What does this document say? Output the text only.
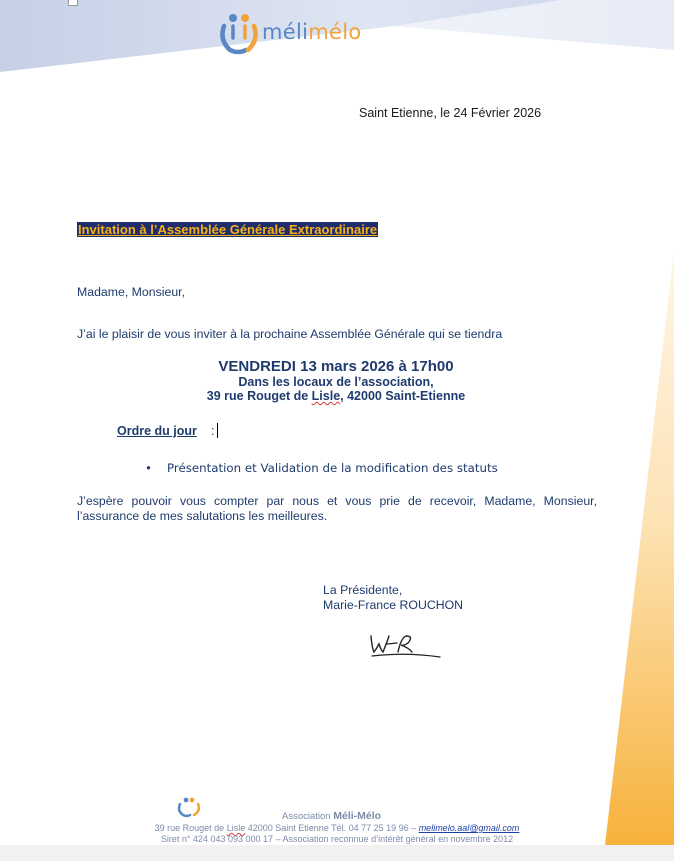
mélimélo
Saint Etienne, le 24 Février 2026
Invitation à l’Assemblée Générale Extraordinaire
Madame, Monsieur,
J’ai le plaisir de vous inviter à la prochaine Assemblée Générale qui se tiendra
VENDREDI 13 mars 2026 à 17h00
Dans les locaux de l’association,
39 rue Rouget de Lisle, 42000 Saint-Etienne
Ordre du jour :
• Présentation et Validation de la modification des statuts
J’espère pouvoir vous compter par nous et vous prie de recevoir, Madame, Monsieur, l’assurance de mes salutations les meilleures.
La Présidente,
Marie-France ROUCHON
Association Méli-Mélo
39 rue Rouget de Lisle 42000 Saint Etienne Tél. 04 77 25 19 96 – melimelo.aal@gmail.com
Siret n° 424 043 093 000 17 – Association reconnue d’intérêt général en novembre 2012
